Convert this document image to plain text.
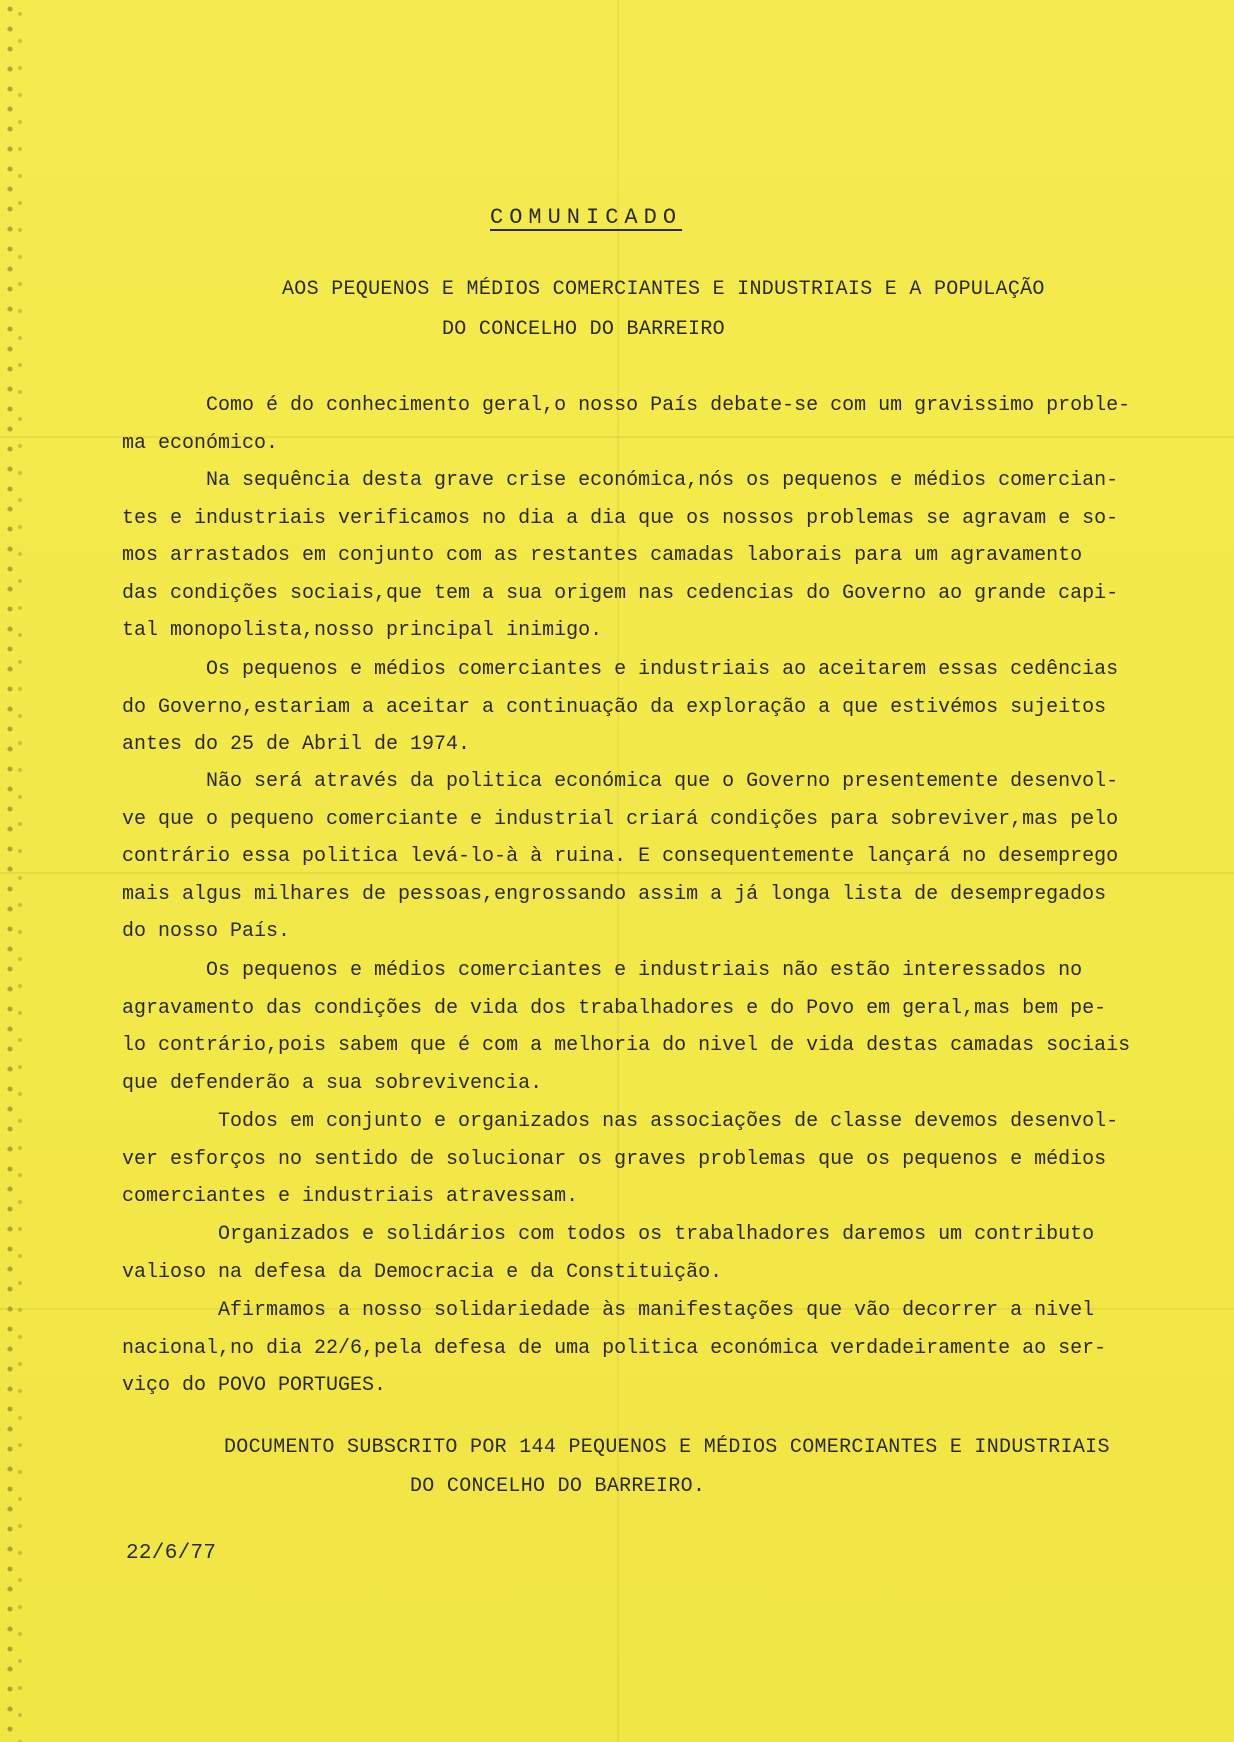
COMUNICADO
AOS PEQUENOS E MÉDIOS COMERCIANTES E INDUSTRIAIS E A POPULAÇÃO
DO CONCELHO DO BARREIRO
Como é do conhecimento geral,o nosso País debate-se com um gravissimo proble-
ma económico.
Na sequência desta grave crise económica,nós os pequenos e médios comercian-
tes e industriais verificamos no dia a dia que os nossos problemas se agravam e so-
mos arrastados em conjunto com as restantes camadas laborais para um agravamento
das condições sociais,que tem a sua origem nas cedencias do Governo ao grande capi-
tal monopolista,nosso principal inimigo.
Os pequenos e médios comerciantes e industriais ao aceitarem essas cedências
do Governo,estariam a aceitar a continuação da exploração a que estivémos sujeitos
antes do 25 de Abril de 1974.
Não será através da politica económica que o Governo presentemente desenvol-
ve que o pequeno comerciante e industrial criará condições para sobreviver,mas pelo
contrário essa politica levá-lo-à à ruina. E consequentemente lançará no desemprego
mais algus milhares de pessoas,engrossando assim a já longa lista de desempregados
do nosso País.
Os pequenos e médios comerciantes e industriais não estão interessados no
agravamento das condições de vida dos trabalhadores e do Povo em geral,mas bem pe-
lo contrário,pois sabem que é com a melhoria do nivel de vida destas camadas sociais
que defenderão a sua sobrevivencia.
Todos em conjunto e organizados nas associações de classe devemos desenvol-
ver esforços no sentido de solucionar os graves problemas que os pequenos e médios
comerciantes e industriais atravessam.
Organizados e solidários com todos os trabalhadores daremos um contributo
valioso na defesa da Democracia e da Constituição.
Afirmamos a nosso solidariedade às manifestações que vão decorrer a nivel
nacional,no dia 22/6,pela defesa de uma politica económica verdadeiramente ao ser-
viço do POVO PORTUGES.
DOCUMENTO SUBSCRITO POR 144 PEQUENOS E MÉDIOS COMERCIANTES E INDUSTRIAIS
DO CONCELHO DO BARREIRO.
22/6/77
